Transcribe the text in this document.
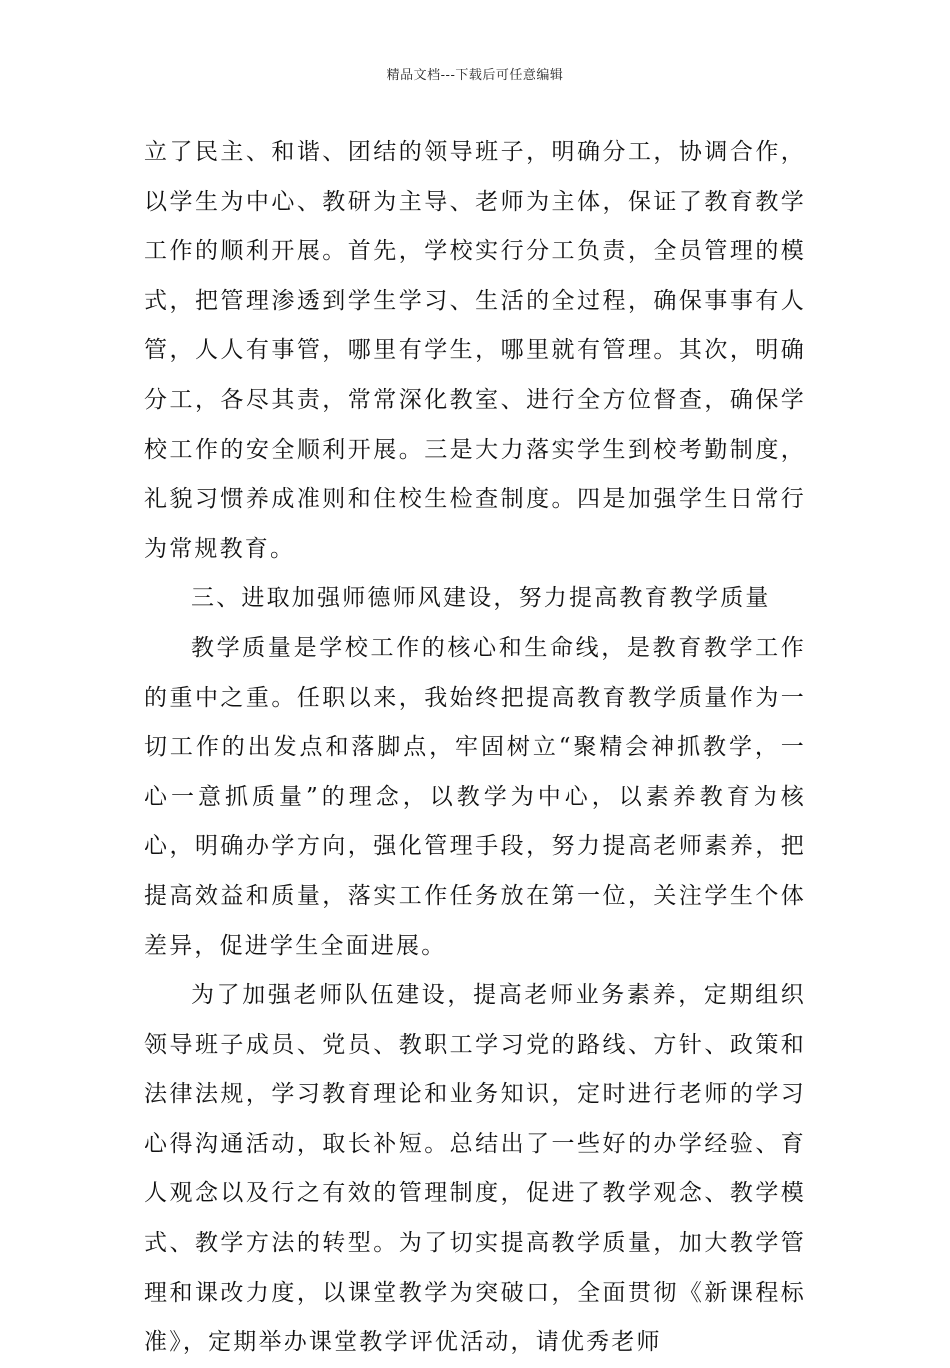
精品文档---下载后可任意编辑

立了民主、和谐、团结的领导班子，明确分工，协调合作，以学生为中心、教研为主导、老师为主体，保证了教育教学工作的顺利开展。首先，学校实行分工负责，全员管理的模式，把管理渗透到学生学习、生活的全过程，确保事事有人管，人人有事管，哪里有学生，哪里就有管理。其次，明确分工，各尽其责，常常深化教室、进行全方位督查，确保学校工作的安全顺利开展。三是大力落实学生到校考勤制度，礼貌习惯养成准则和住校生检查制度。四是加强学生日常行为常规教育。

三、进取加强师德师风建设，努力提高教育教学质量

教学质量是学校工作的核心和生命线，是教育教学工作的重中之重。任职以来，我始终把提高教育教学质量作为一切工作的出发点和落脚点，牢固树立“聚精会神抓教学，一心一意抓质量”的理念，以教学为中心，以素养教育为核心，明确办学方向，强化管理手段，努力提高老师素养，把提高效益和质量，落实工作任务放在第一位，关注学生个体差异，促进学生全面进展。

为了加强老师队伍建设，提高老师业务素养，定期组织领导班子成员、党员、教职工学习党的路线、方针、政策和法律法规，学习教育理论和业务知识，定时进行老师的学习心得沟通活动，取长补短。总结出了一些好的办学经验、育人观念以及行之有效的管理制度，促进了教学观念、教学模式、教学方法的转型。为了切实提高教学质量，加大教学管理和课改力度，以课堂教学为突破口，全面贯彻《新课程标准》，定期举办课堂教学评优活动，请优秀老师
